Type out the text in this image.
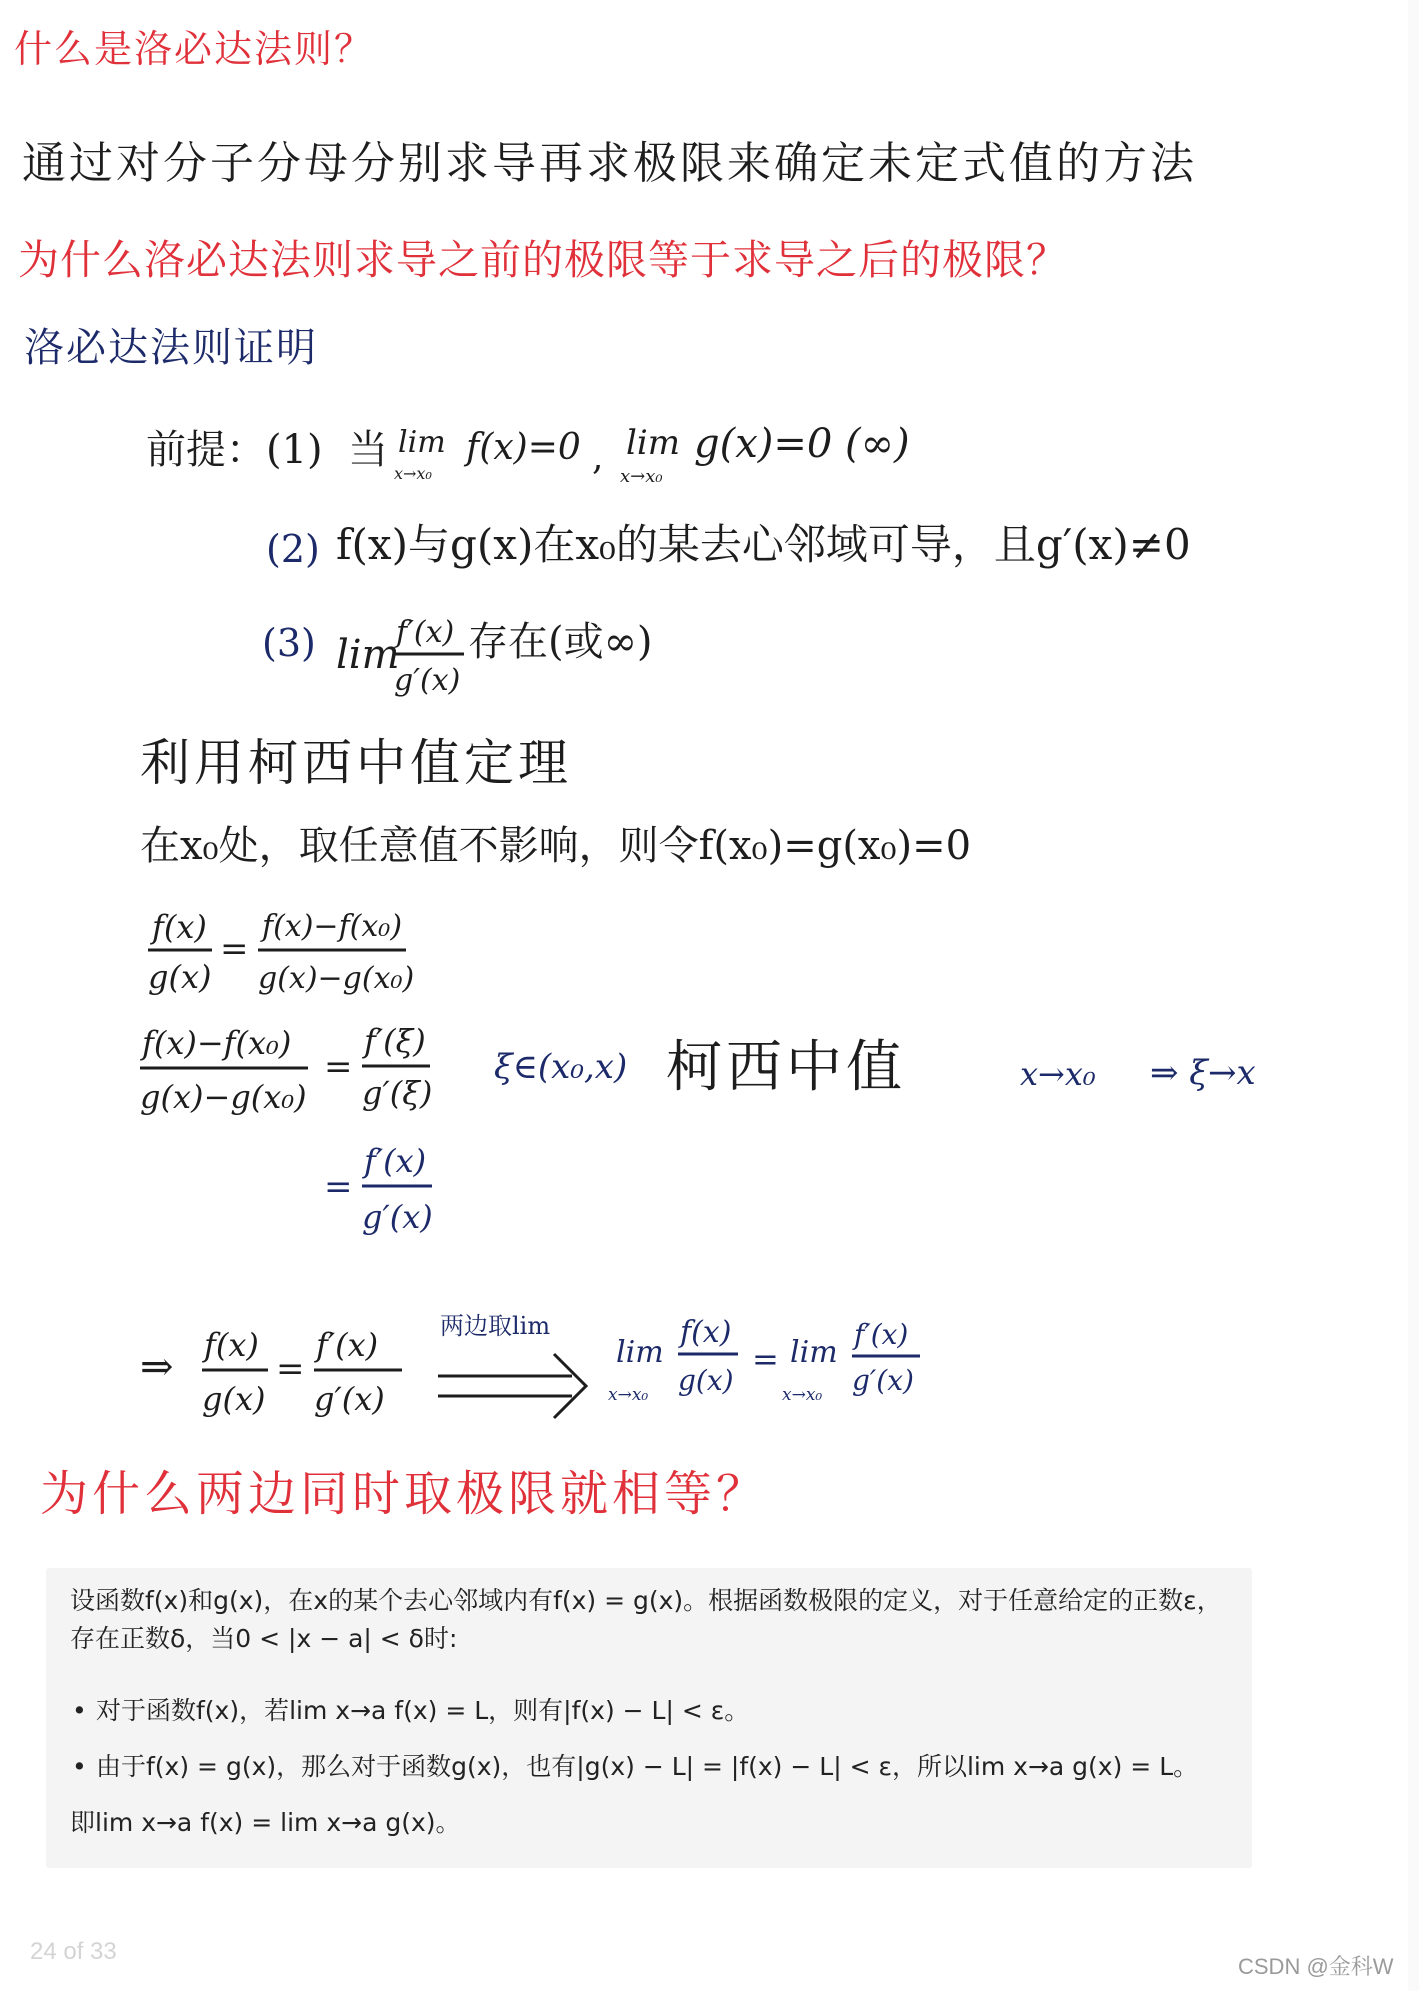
什么是洛必达法则？
通过对分子分母分别求导再求极限来确定未定式值的方法
为什么洛必达法则求导之前的极限等于求导之后的极限？
洛必达法则证明
前提：(1) 当 lim
x→x₀
f(x)=0 , lim
x→x₀
g(x)=0 (∞)
(2) f(x)与g(x)在x₀的某去心邻域可导，且g′(x)≠0
(3) lim
f′(x)
g′(x)
存在(或∞)
利用柯西中值定理
在x₀处，取任意值不影响，则令f(x₀)=g(x₀)=0
f(x)
g(x)
=
f(x)−f(x₀)
g(x)−g(x₀)
f(x)−f(x₀)
g(x)−g(x₀)
=
f′(ξ)
g′(ξ)
=
f′(x)
g′(x)
ξ∈(x₀,x) 柯西中值	x→x₀ ⇒ ξ→x
⇒ f(x)
g(x)
=
f′(x)
g′(x)
lim
x→x₀
f(x)
g(x)
= lim
x→x₀
f′(x)
g′(x)
两边取lim
为什么两边同时取极限就相等？

设函数f(x)和g(x)，在x的某个去心邻域内有f(x) = g(x)。根据函数极限的定义，对于任意给定的正数ε，存在正数δ，当0 < |x − a| < δ时:

• 对于函数f(x)，若lim x→a f(x) = L，则有|f(x) − L| < ε。
• 由于f(x) = g(x)，那么对于函数g(x)，也有|g(x) − L| = |f(x) − L| < ε，所以lim x→a g(x) = L。

即lim x→a f(x) = lim x→a g(x)。

24 of 33
CSDN @金科W
